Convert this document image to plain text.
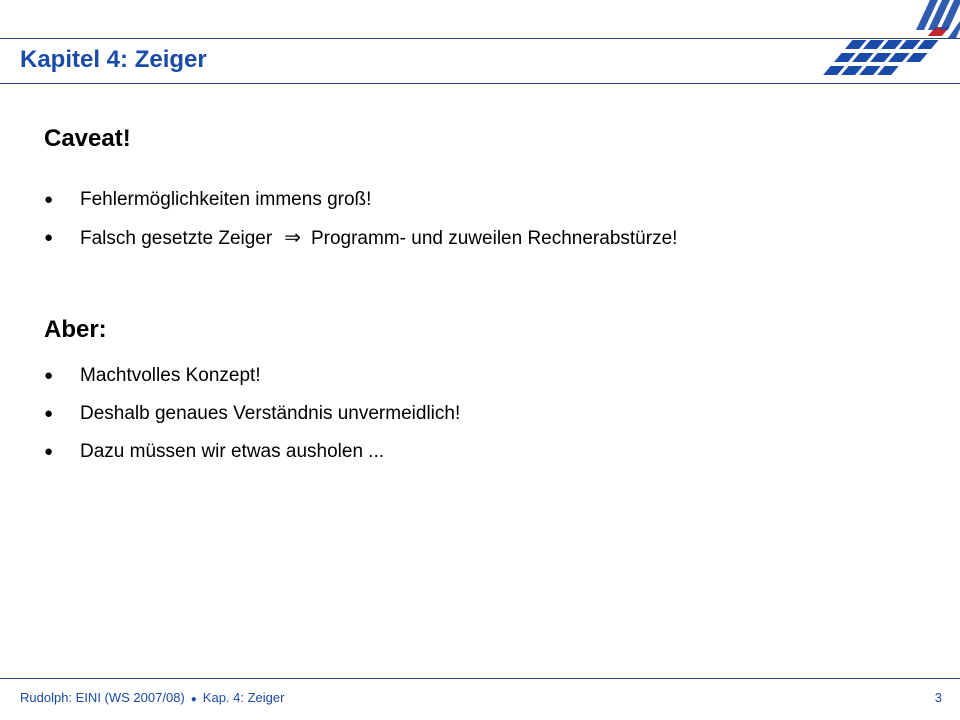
Kapitel 4: Zeiger
Caveat!
●	Fehlermöglichkeiten immens groß!
●	Falsch gesetzte Zeiger ⇒ Programm- und zuweilen Rechnerabstürze!
Aber:
●	Machtvolles Konzept!
●	Deshalb genaues Verständnis unvermeidlich!
●	Dazu müssen wir etwas ausholen ...
Rudolph: EINI (WS 2007/08) ● Kap. 4: Zeiger	3
